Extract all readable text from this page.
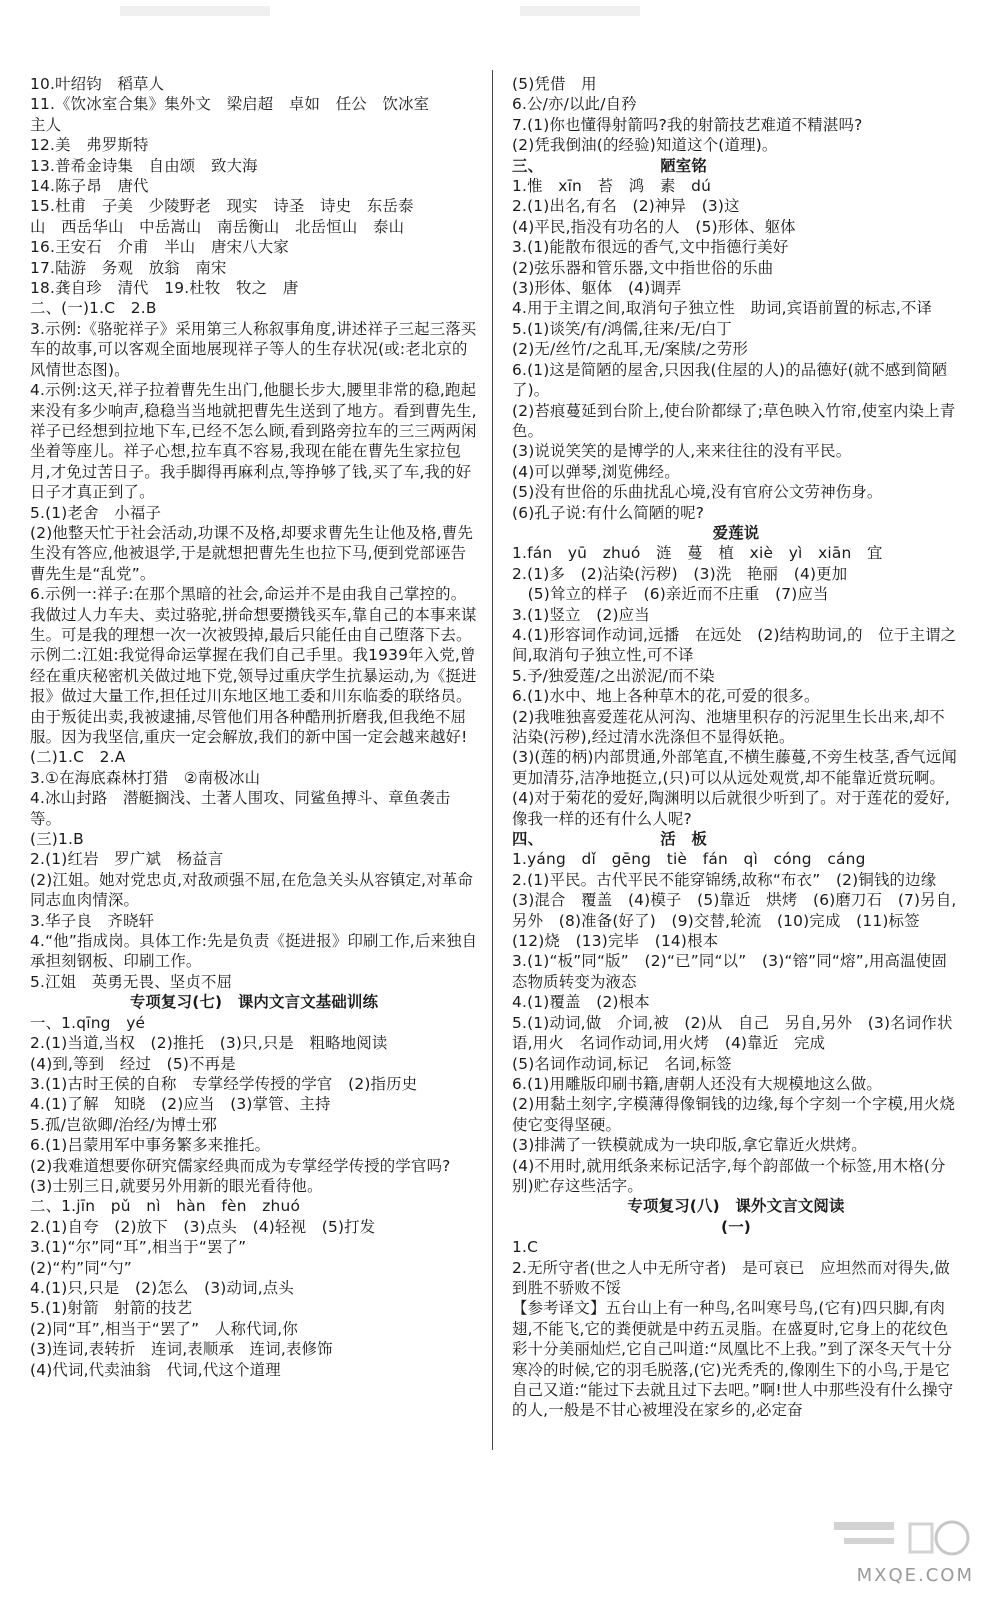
10.叶绍钧　稻草人
11.《饮冰室合集》集外文　梁启超　卓如　任公　饮冰室
主人
12.美　弗罗斯特
13.普希金诗集　自由颂　致大海
14.陈子昂　唐代
15.杜甫　子美　少陵野老　现实　诗圣　诗史　东岳泰
山　西岳华山　中岳嵩山　南岳衡山　北岳恒山　泰山
16.王安石　介甫　半山　唐宋八大家
17.陆游　务观　放翁　南宋
18.龚自珍　清代　19.杜牧　牧之　唐
二、(一)1.C　2.B
3.示例:《骆驼祥子》采用第三人称叙事角度,讲述祥子三起三落买车的故事,可以客观全面地展现祥子等人的生存状况(或:老北京的风情世态图)。
4.示例:这天,祥子拉着曹先生出门,他腿长步大,腰里非常的稳,跑起来没有多少响声,稳稳当当地就把曹先生送到了地方。看到曹先生,祥子已经想到拉地下车,已经不怎么顾,看到路旁拉车的三三两两闲坐着等座儿。祥子心想,拉车真不容易,我现在能在曹先生家拉包月,才免过苦日子。我手脚得再麻利点,等挣够了钱,买了车,我的好日子才真正到了。
5.(1)老舍　小福子
(2)他整天忙于社会活动,功课不及格,却要求曹先生让他及格,曹先生没有答应,他被退学,于是就想把曹先生也拉下马,便到党部诬告曹先生是“乱党”。
6.示例一:祥子:在那个黑暗的社会,命运并不是由我自己掌控的。我做过人力车夫、卖过骆驼,拼命想要攒钱买车,靠自己的本事来谋生。可是我的理想一次一次被毁掉,最后只能任由自己堕落下去。
示例二:江姐:我觉得命运掌握在我们自己手里。我1939年入党,曾经在重庆秘密机关做过地下党,领导过重庆学生抗暴运动,为《挺进报》做过大量工作,担任过川东地区地工委和川东临委的联络员。由于叛徒出卖,我被逮捕,尽管他们用各种酷刑折磨我,但我绝不屈服。因为我坚信,重庆一定会解放,我们的新中国一定会越来越好!
(二)1.C　2.A
3.①在海底森林打猎　②南极冰山
4.冰山封路　潜艇搁浅、土著人围攻、同鲨鱼搏斗、章鱼袭击等。
(三)1.B
2.(1)红岩　罗广斌　杨益言
(2)江姐。她对党忠贞,对敌顽强不屈,在危急关头从容镇定,对革命同志血肉情深。
3.华子良　齐晓轩
4.“他”指成岗。具体工作:先是负责《挺进报》印刷工作,后来独自承担刻钢板、印刷工作。
5.江姐　英勇无畏、坚贞不屈
专项复习(七)　课内文言文基础训练
一、1.qīng　yé
2.(1)当道,当权　(2)推托　(3)只,只是　粗略地阅读
(4)到,等到　经过　(5)不再是
3.(1)古时王侯的自称　专掌经学传授的学官　(2)指历史
4.(1)了解　知晓　(2)应当　(3)掌管、主持
5.孤/岂欲卿/治经/为博士邪
6.(1)吕蒙用军中事务繁多来推托。
(2)我难道想要你研究儒家经典而成为专掌经学传授的学官吗?
(3)士别三日,就要另外用新的眼光看待他。
二、1.jīn　pǔ　nì　hàn　fèn　zhuó
2.(1)自夸　(2)放下　(3)点头　(4)轻视　(5)打发
3.(1)“尔”同“耳”,相当于“罢了”
(2)“杓”同“勺”
4.(1)只,只是　(2)怎么　(3)动词,点头
5.(1)射箭　射箭的技艺
(2)同“耳”,相当于“罢了”　人称代词,你
(3)连词,表转折　连词,表顺承　连词,表修饰
(4)代词,代卖油翁　代词,代这个道理
(5)凭借　用
6.公/亦/以此/自矜
7.(1)你也懂得射箭吗?我的射箭技艺难道不精湛吗?
(2)凭我倒油(的经验)知道这个(道理)。
三、　　　　　　　　陋室铭
1.惟　xīn　苔　鸿　素　dú
2.(1)出名,有名　(2)神异　(3)这
(4)平民,指没有功名的人　(5)形体、躯体
3.(1)能散布很远的香气,文中指德行美好
(2)弦乐器和管乐器,文中指世俗的乐曲
(3)形体、躯体　(4)调弄
4.用于主谓之间,取消句子独立性　助词,宾语前置的标志,不译
5.(1)谈笑/有/鸿儒,往来/无/白丁
(2)无/丝竹/之乱耳,无/案牍/之劳形
6.(1)这是简陋的屋舍,只因我(住屋的人)的品德好(就不感到简陋了)。
(2)苔痕蔓延到台阶上,使台阶都绿了;草色映入竹帘,使室内染上青色。
(3)说说笑笑的是博学的人,来来往往的没有平民。
(4)可以弹琴,浏览佛经。
(5)没有世俗的乐曲扰乱心境,没有官府公文劳神伤身。
(6)孔子说:有什么简陋的呢?
爱莲说
1.fán　yū　zhuó　涟　蔓　植　xiè　yì　xiān　宜
2.(1)多　(2)沾染(污秽)　(3)洗　艳丽　(4)更加
　(5)耸立的样子　(6)亲近而不庄重　(7)应当
3.(1)竖立　(2)应当
4.(1)形容词作动词,远播　在远处　(2)结构助词,的　位于主谓之间,取消句子独立性,可不译
5.予/独爱莲/之出淤泥/而不染
6.(1)水中、地上各种草木的花,可爱的很多。
(2)我唯独喜爱莲花从河沟、池塘里积存的污泥里生长出来,却不沾染(污秽),经过清水洗涤但不显得妖艳。
(3)(莲的柄)内部贯通,外部笔直,不横生藤蔓,不旁生枝茎,香气远闻更加清芬,洁净地挺立,(只)可以从远处观赏,却不能靠近赏玩啊。
(4)对于菊花的爱好,陶渊明以后就很少听到了。对于莲花的爱好,像我一样的还有什么人呢?
四、　　　　　　　　活　板
1.yáng　dǐ　gēng　tiè　fán　qì　cóng　cáng
2.(1)平民。古代平民不能穿锦绣,故称“布衣”　(2)铜钱的边缘　(3)混合　覆盖　(4)模子　(5)靠近　烘烤　(6)磨刀石　(7)另自,另外　(8)准备(好了)　(9)交替,轮流　(10)完成　(11)标签　(12)烧　(13)完毕　(14)根本
3.(1)“板”同“版”　(2)“已”同“以”　(3)“镕”同“熔”,用高温使固态物质转变为液态
4.(1)覆盖　(2)根本
5.(1)动词,做　介词,被　(2)从　自己　另自,另外　(3)名词作状语,用火　名词作动词,用火烤　(4)靠近　完成
(5)名词作动词,标记　名词,标签
6.(1)用雕版印刷书籍,唐朝人还没有大规模地这么做。
(2)用黏土刻字,字模薄得像铜钱的边缘,每个字刻一个字模,用火烧使它变得坚硬。
(3)排满了一铁模就成为一块印版,拿它靠近火烘烤。
(4)不用时,就用纸条来标记活字,每个韵部做一个标签,用木格(分别)贮存这些活字。
专项复习(八)　课外文言文阅读
(一)
1.C
2.无所守者(世之人中无所守者)　是可哀已　应坦然而对得失,做到胜不骄败不馁
【参考译文】五台山上有一种鸟,名叫寒号鸟,(它有)四只脚,有肉翅,不能飞,它的粪便就是中药五灵脂。在盛夏时,它身上的花纹色彩十分美丽灿烂,它自己叫道:“凤凰比不上我。”到了深冬天气十分寒冷的时候,它的羽毛脱落,(它)光秃秃的,像刚生下的小鸟,于是它自己又道:“能过下去就且过下去吧。”啊!世人中那些没有什么操守的人,一般是不甘心被埋没在家乡的,必定奋
MXQE.COM
